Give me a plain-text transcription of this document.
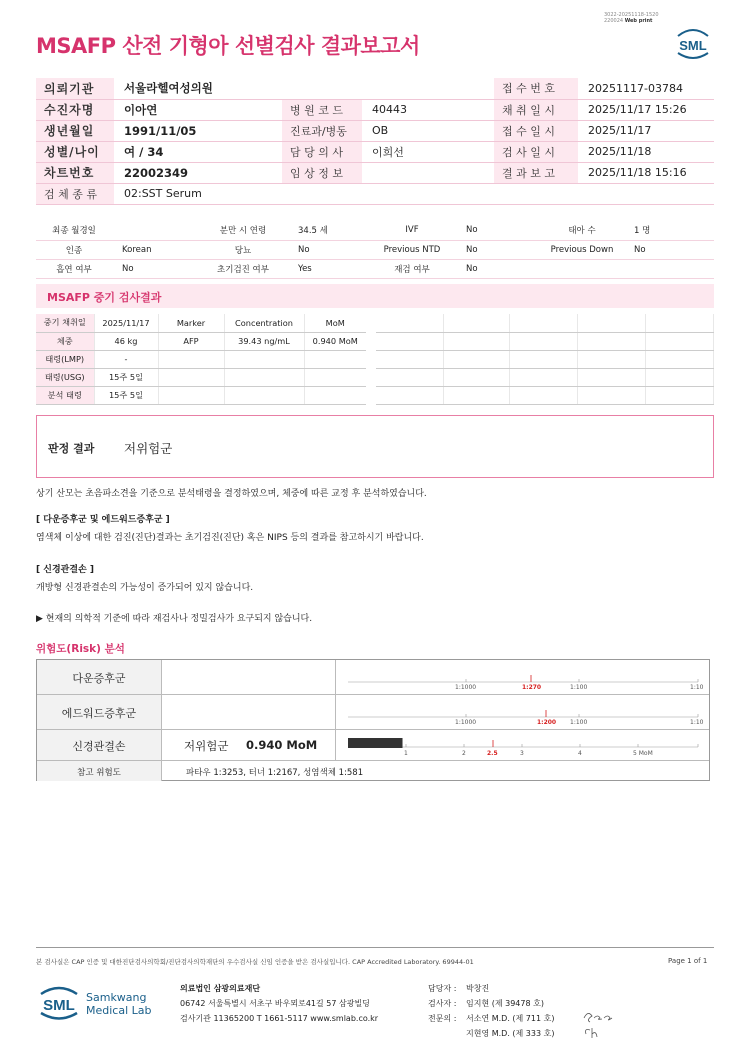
3022-20251118-1520
220024 Web print
MSAFP 산전 기형아 선별검사 결과보고서	SML
의뢰기관	서울라헬여성의원			접 수 번 호	20251117-03784
수진자명	이아연	병 원 코 드	40443	채 취 일 시	2025/11/17 15:26
생년월일	1991/11/05	진료과/병동	OB	접 수 일 시	2025/11/17
성별/나이	여 / 34	담 당 의 사	이희선	검 사 일 시	2025/11/18
차트번호	22002349	임 상 정 보		결 과 보 고	2025/11/18 15:16
검 체 종 류	02:SST Serum				
최종 월경일		분만 시 연령	34.5 세	IVF	No	태아 수	1 명
인종	Korean	당뇨	No	Previous NTD	No	Previous Down	No
흡연 여부	No	초기검진 여부	Yes	재검 여부	No		
MSAFP 중기 검사결과
중기 채취일	2025/11/17	Marker	Concentration	MoM
체중	46 kg	AFP	39.43 ng/mL	0.940 MoM
태령(LMP)	-			
태령(USG)	15주 5일			
분석 태령	15주 5일			

판정 결과 저위험군
상기 산모는 초음파소견을 기준으로 분석태령을 결정하였으며, 체중에 따른 교정 후 분석하였습니다.
[ 다운증후군 및 에드워드증후군 ]
염색체 이상에 대한 검진(진단)결과는 초기검진(진단) 혹은 NIPS 등의 결과를 참고하시기 바랍니다.
[ 신경관결손 ]
개방형 신경관결손의 가능성이 증가되어 있지 않습니다.
▶ 현재의 의학적 기준에 따라 재검사나 정밀검사가 요구되지 않습니다.
위험도(Risk) 분석
다운증후군
1:1000	1:270	1:100	1:10
에드워드증후군
1:1000	1:200 1:100	1:10
신경관결손	저위험군 0.940 MoM
1	2	2.5	3	4	5 MoM
참고 위험도	파타우 1:3253, 터너 1:2167, 성염색체 1:581
본 검사실은 CAP 인증 및 대한진단검사의학회/진단검사의학재단의 우수검사실 신임 인증을 받은 검사실입니다. CAP Accredited Laboratory. 69944-01	Page 1 of 1
SML Samkwang
Medical Lab
의료법인 삼광의료재단
06742 서울특별시 서초구 바우뫼로41길 57 삼광빌딩
검사기관 11365200 T 1661-5117 www.smlab.co.kr
담당자 : 박창진
검사자 : 임지현 (제 39478 호)
전문의 : 서소연 M.D. (제 711 호)
지현영 M.D. (제 333 호)
